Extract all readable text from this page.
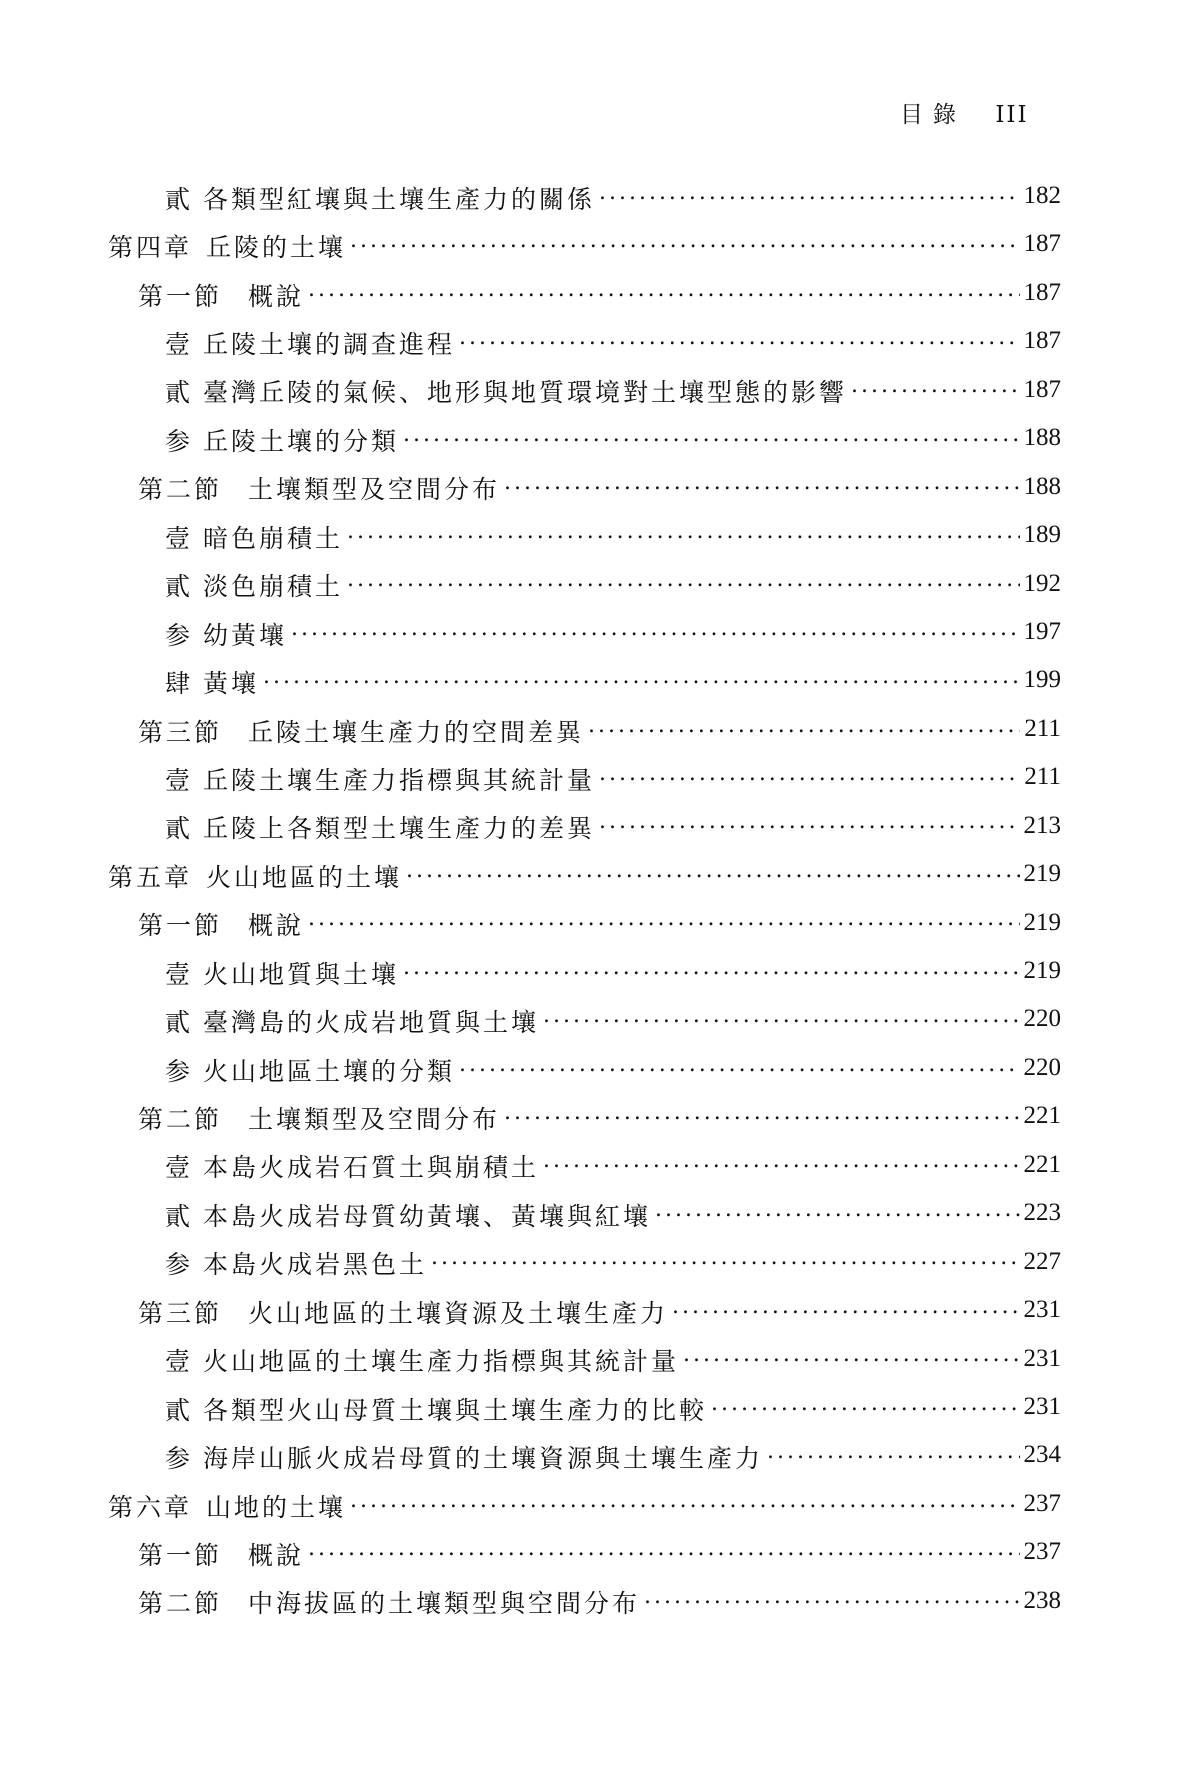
目錄 III
貳 各類型紅壤與土壤生產力的關係 . . .	182
第四章 丘陵的土壤 . . .	187
第一節 概說 . . .	187
壹 丘陵土壤的調查進程 . . .	187
貳 臺灣丘陵的氣候、地形與地質環境對土壤型態的影響 . . .	187
参 丘陵土壤的分類 . . .	188
第二節 土壤類型及空間分布 . . .	188
壹 暗色崩積土 . . .	189
貳 淡色崩積土 . . .	192
参 幼黃壤 . . .	197
肆 黃壤 . . .	199
第三節 丘陵土壤生產力的空間差異 . . .	211
壹 丘陵土壤生產力指標與其統計量 . . .	211
貳 丘陵上各類型土壤生產力的差異 . . .	213
第五章 火山地區的土壤 . . .	219
第一節 概說 . . .	219
壹 火山地質與土壤 . . .	219
貳 臺灣島的火成岩地質與土壤 . . .	220
参 火山地區土壤的分類 . . .	220
第二節 土壤類型及空間分布 . . .	221
壹 本島火成岩石質土與崩積土 . . .	221
貳 本島火成岩母質幼黃壤、黃壤與紅壤 . . .	223
参 本島火成岩黑色土 . . .	227
第三節 火山地區的土壤資源及土壤生產力 . . .	231
壹 火山地區的土壤生產力指標與其統計量 . . .	231
貳 各類型火山母質土壤與土壤生產力的比較 . . .	231
参 海岸山脈火成岩母質的土壤資源與土壤生產力 . . .	234
第六章 山地的土壤 . . .	237
第一節 概說 . . .	237
第二節 中海拔區的土壤類型與空間分布 . . .	238
